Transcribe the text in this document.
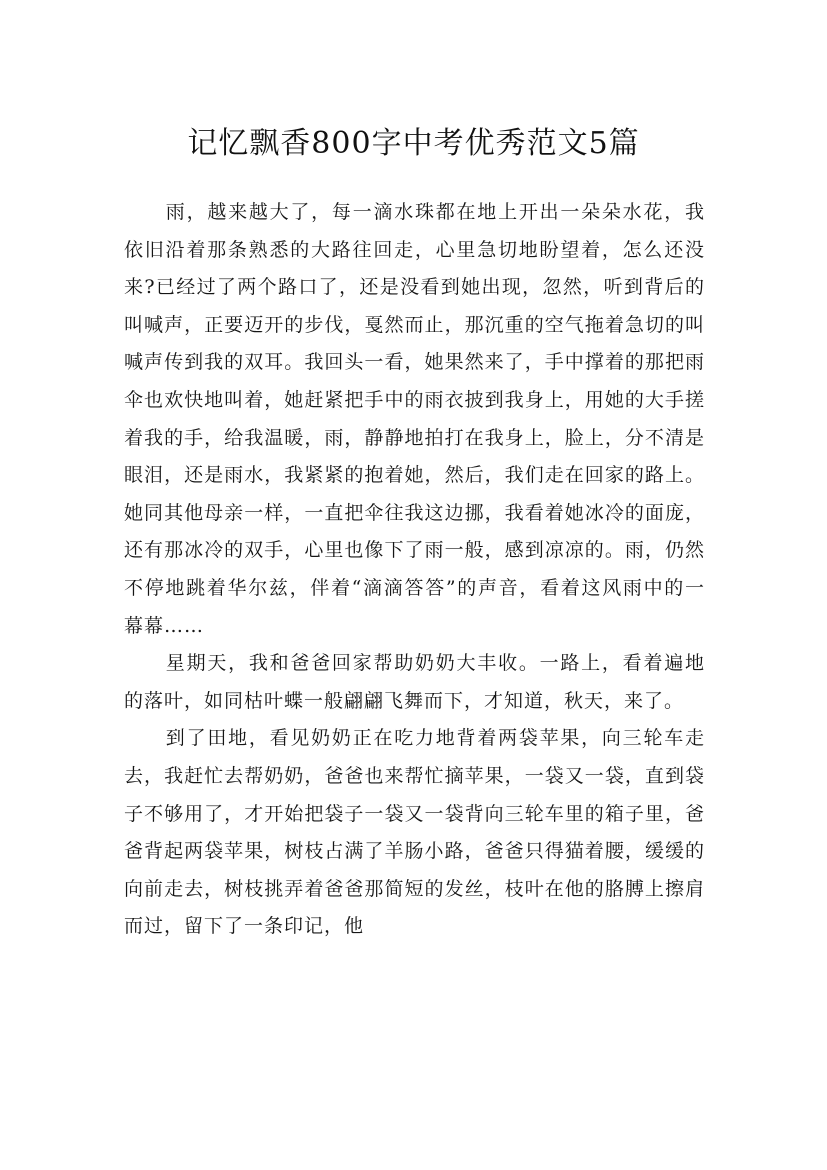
记忆飘香800字中考优秀范文5篇

雨，越来越大了，每一滴水珠都在地上开出一朵朵水花，我依旧沿着那条熟悉的大路往回走，心里急切地盼望着，怎么还没来?已经过了两个路口了，还是没看到她出现，忽然，听到背后的叫喊声，正要迈开的步伐，戛然而止，那沉重的空气拖着急切的叫喊声传到我的双耳。我回头一看，她果然来了，手中撑着的那把雨伞也欢快地叫着，她赶紧把手中的雨衣披到我身上，用她的大手搓着我的手，给我温暖，雨，静静地拍打在我身上，脸上，分不清是眼泪，还是雨水，我紧紧的抱着她，然后，我们走在回家的路上。她同其他母亲一样，一直把伞往我这边挪，我看着她冰冷的面庞，还有那冰冷的双手，心里也像下了雨一般，感到凉凉的。雨，仍然不停地跳着华尔兹，伴着“滴滴答答”的声音，看着这风雨中的一幕幕……

星期天，我和爸爸回家帮助奶奶大丰收。一路上，看着遍地的落叶，如同枯叶蝶一般翩翩飞舞而下，才知道，秋天，来了。

到了田地，看见奶奶正在吃力地背着两袋苹果，向三轮车走去，我赶忙去帮奶奶，爸爸也来帮忙摘苹果，一袋又一袋，直到袋子不够用了，才开始把袋子一袋又一袋背向三轮车里的箱子里，爸爸背起两袋苹果，树枝占满了羊肠小路，爸爸只得猫着腰，缓缓的向前走去，树枝挑弄着爸爸那简短的发丝，枝叶在他的胳膊上擦肩而过，留下了一条印记，他
